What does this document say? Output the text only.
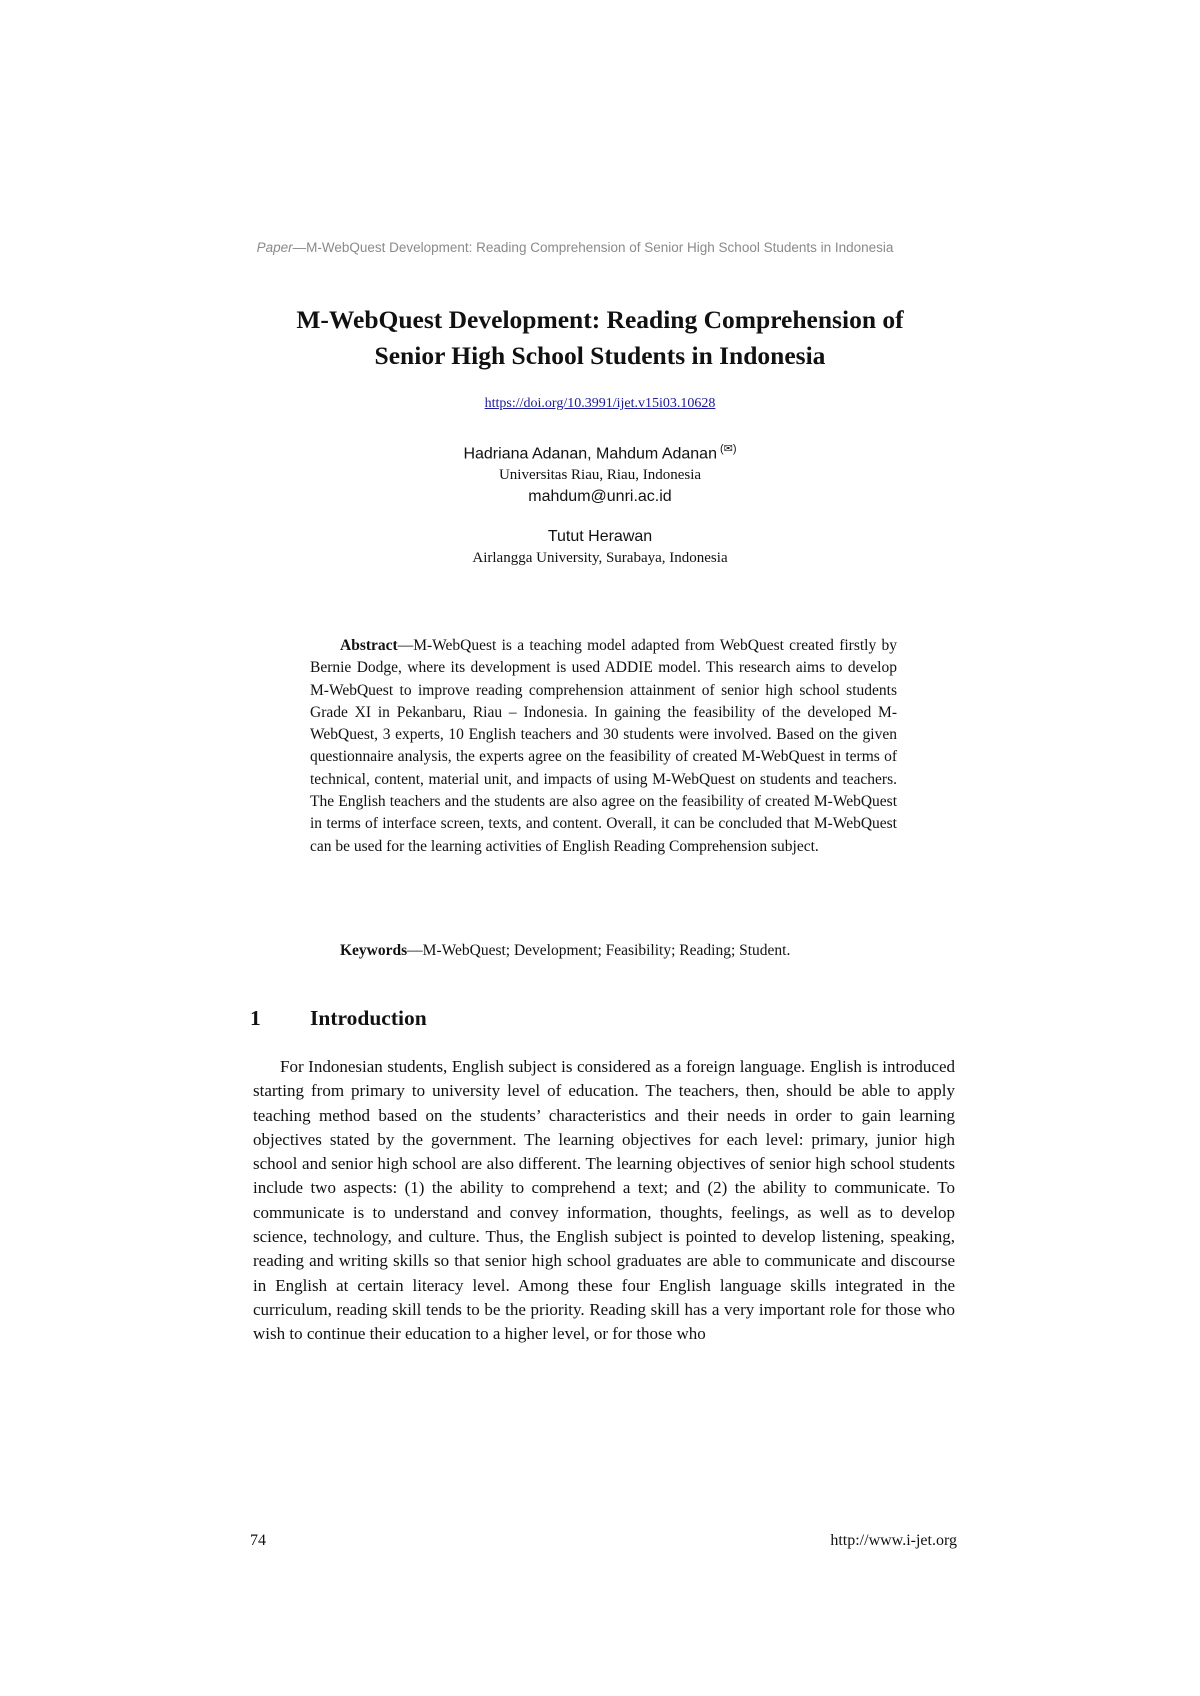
Paper—M-WebQuest Development: Reading Comprehension of Senior High School Students in Indonesia
M-WebQuest Development: Reading Comprehension of
Senior High School Students in Indonesia
https://doi.org/10.3991/ijet.v15i03.10628
Hadriana Adanan, Mahdum Adanan (✉)
Universitas Riau, Riau, Indonesia
mahdum@unri.ac.id
Tutut Herawan
Airlangga University, Surabaya, Indonesia

Abstract—M-WebQuest is a teaching model adapted from WebQuest created firstly by Bernie Dodge, where its development is used ADDIE model. This research aims to develop M-WebQuest to improve reading comprehension attainment of senior high school students Grade XI in Pekanbaru, Riau – Indonesia. In gaining the feasibility of the developed M-WebQuest, 3 experts, 10 English teachers and 30 students were involved. Based on the given questionnaire analysis, the experts agree on the feasibility of created M-WebQuest in terms of technical, content, material unit, and impacts of using M-WebQuest on students and teachers. The English teachers and the students are also agree on the feasibility of created M-WebQuest in terms of interface screen, texts, and content. Overall, it can be concluded that M-WebQuest can be used for the learning activities of English Reading Comprehension subject.

Keywords—M-WebQuest; Development; Feasibility; Reading; Student.

1 Introduction

For Indonesian students, English subject is considered as a foreign language. English is introduced starting from primary to university level of education. The teachers, then, should be able to apply teaching method based on the students’ characteristics and their needs in order to gain learning objectives stated by the government. The learning objectives for each level: primary, junior high school and senior high school are also different. The learning objectives of senior high school students include two aspects: (1) the ability to comprehend a text; and (2) the ability to communicate. To communicate is to understand and convey information, thoughts, feelings, as well as to develop science, technology, and culture. Thus, the English subject is pointed to develop listening, speaking, reading and writing skills so that senior high school graduates are able to communicate and discourse in English at certain literacy level. Among these four English language skills integrated in the curriculum, reading skill tends to be the priority. Reading skill has a very important role for those who wish to continue their education to a higher level, or for those who

74	http://www.i-jet.org
